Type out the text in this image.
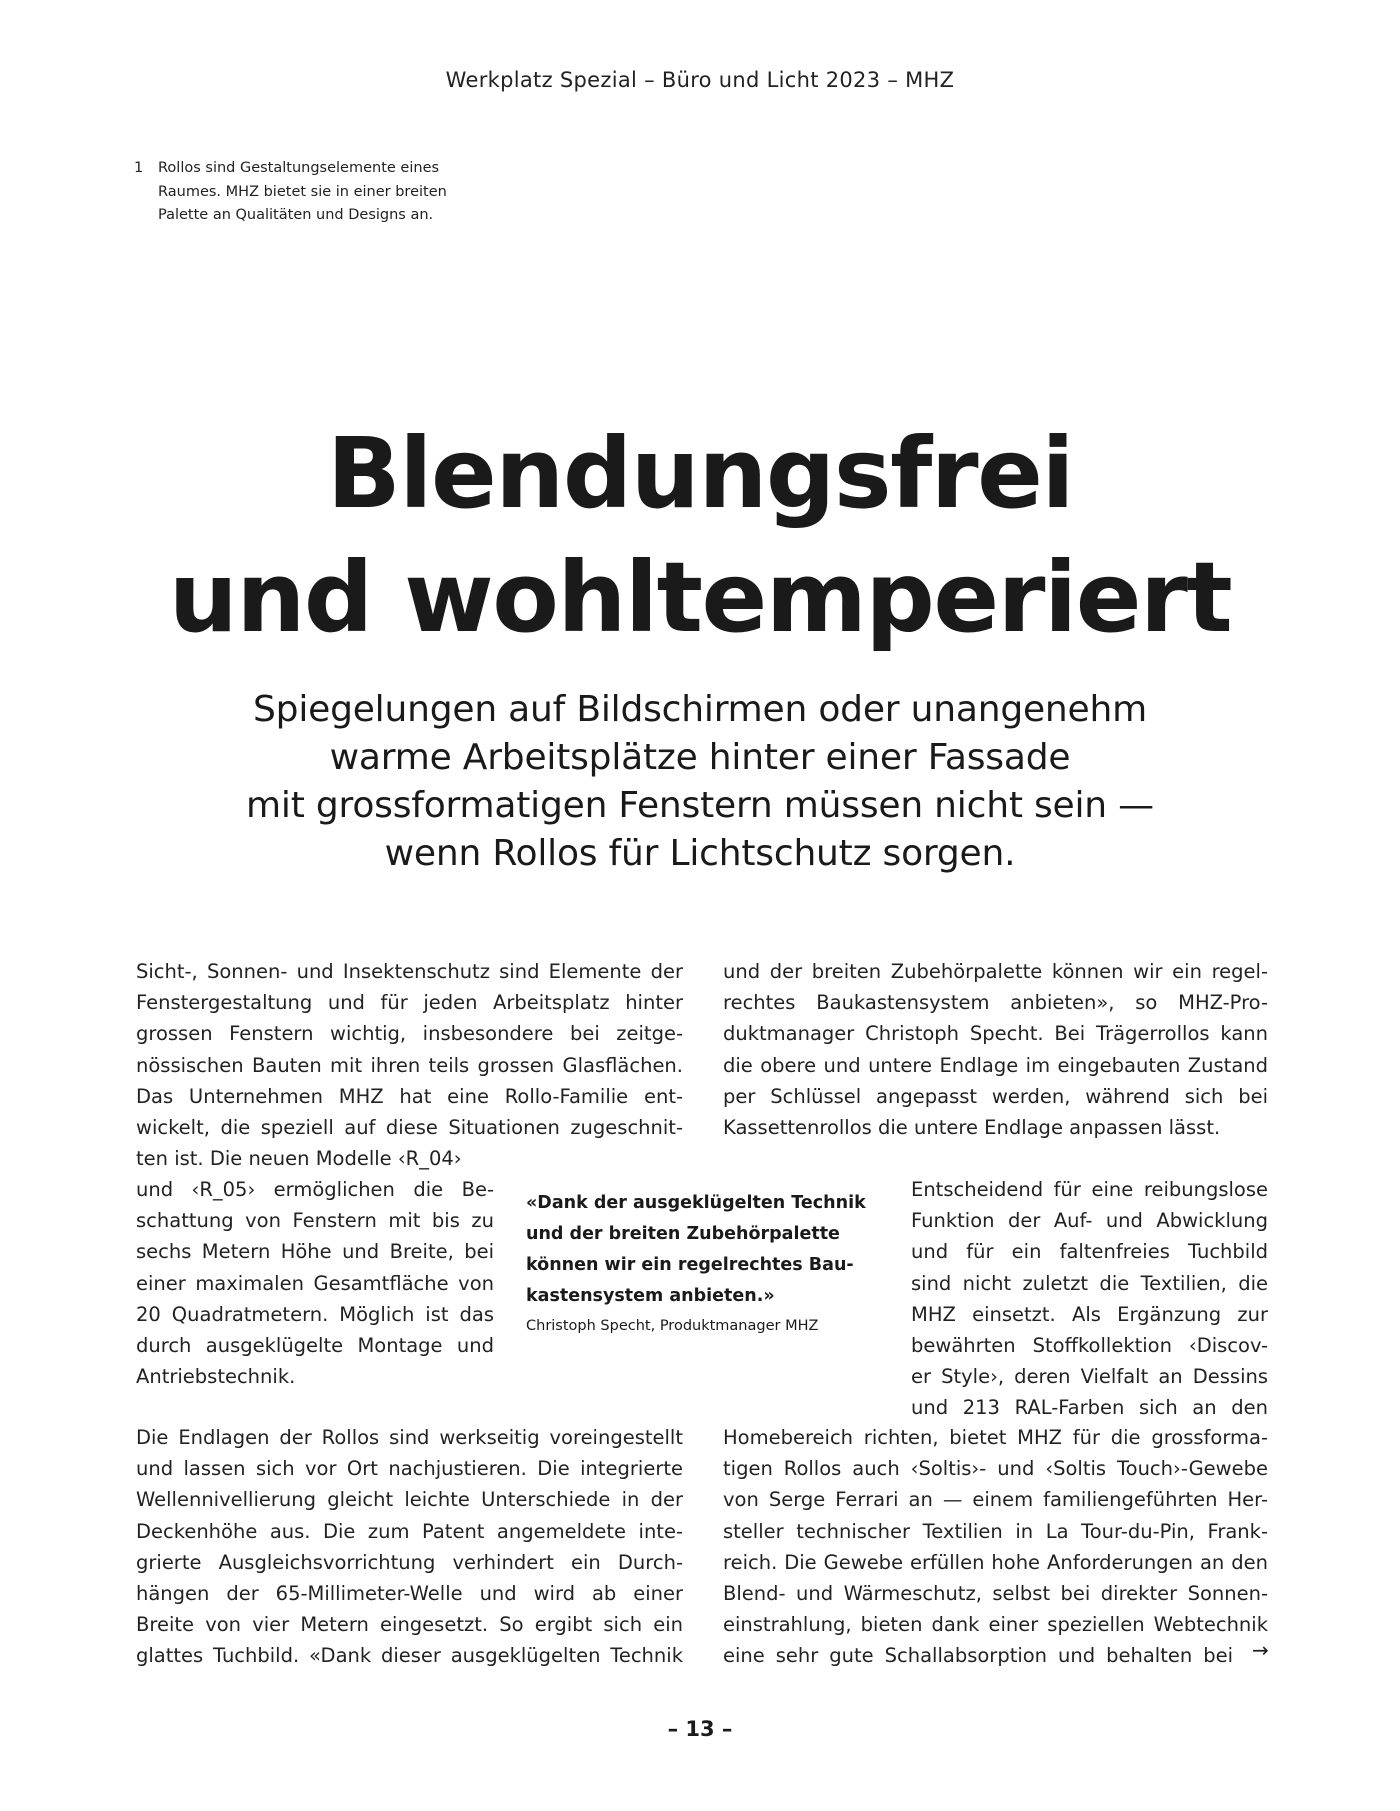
Werkplatz Spezial – Büro und Licht 2023 – MHZ
1 Rollos sind Gestaltungselemente eines
Raumes. MHZ bietet sie in einer breiten
Palette an Qualitäten und Designs an.
Blendungsfrei
und wohltemperiert
Spiegelungen auf Bildschirmen oder unangenehm
warme Arbeitsplätze hinter einer Fassade
mit grossformatigen Fenstern müssen nicht sein —
wenn Rollos für Lichtschutz sorgen.
Sicht-, Sonnen- und Insektenschutz sind Elemente der
Fenstergestaltung und für jeden Arbeitsplatz hinter
grossen Fenstern wichtig, insbesondere bei zeitge-
nössischen Bauten mit ihren teils grossen Glasflächen.
Das Unternehmen MHZ hat eine Rollo-Familie ent-
wickelt, die speziell auf diese Situationen zugeschnit-
ten ist. Die neuen Modelle ‹R_04›
und ‹R_05› ermöglichen die Be-
schattung von Fenstern mit bis zu
sechs Metern Höhe und Breite, bei
einer maximalen Gesamtfläche von
20 Quadratmetern. Möglich ist das
durch ausgeklügelte Montage und
Antriebstechnik.
Die Endlagen der Rollos sind werkseitig voreingestellt
und lassen sich vor Ort nachjustieren. Die integrierte
Wellennivellierung gleicht leichte Unterschiede in der
Deckenhöhe aus. Die zum Patent angemeldete inte-
grierte Ausgleichsvorrichtung verhindert ein Durch-
hängen der 65-Millimeter-Welle und wird ab einer
Breite von vier Metern eingesetzt. So ergibt sich ein
glattes Tuchbild. «Dank dieser ausgeklügelten Technik
und der breiten Zubehörpalette können wir ein regel-
rechtes Baukastensystem anbieten», so MHZ-Pro-
duktmanager Christoph Specht. Bei Trägerrollos kann
die obere und untere Endlage im eingebauten Zustand
per Schlüssel angepasst werden, während sich bei
Kassettenrollos die untere Endlage anpassen lässt.
Entscheidend für eine reibungslose
Funktion der Auf- und Abwicklung
und für ein faltenfreies Tuchbild
sind nicht zuletzt die Textilien, die
MHZ einsetzt. Als Ergänzung zur
bewährten Stoffkollektion ‹Discov-
er Style›, deren Vielfalt an Dessins
und 213 RAL-Farben sich an den
Homebereich richten, bietet MHZ für die grossforma-
tigen Rollos auch ‹Soltis›- und ‹Soltis Touch›-Gewebe
von Serge Ferrari an — einem familiengeführten Her-
steller technischer Textilien in La Tour-du-Pin, Frank-
reich. Die Gewebe erfüllen hohe Anforderungen an den
Blend- und Wärmeschutz, selbst bei direkter Sonnen-
einstrahlung, bieten dank einer speziellen Webtechnik
eine sehr gute Schallabsorption und behalten bei →
«Dank der ausgeklügelten Technik
und der breiten Zubehörpalette
können wir ein regelrechtes Bau-
kastensystem anbieten.»
Christoph Specht, Produktmanager MHZ
– 13 –
